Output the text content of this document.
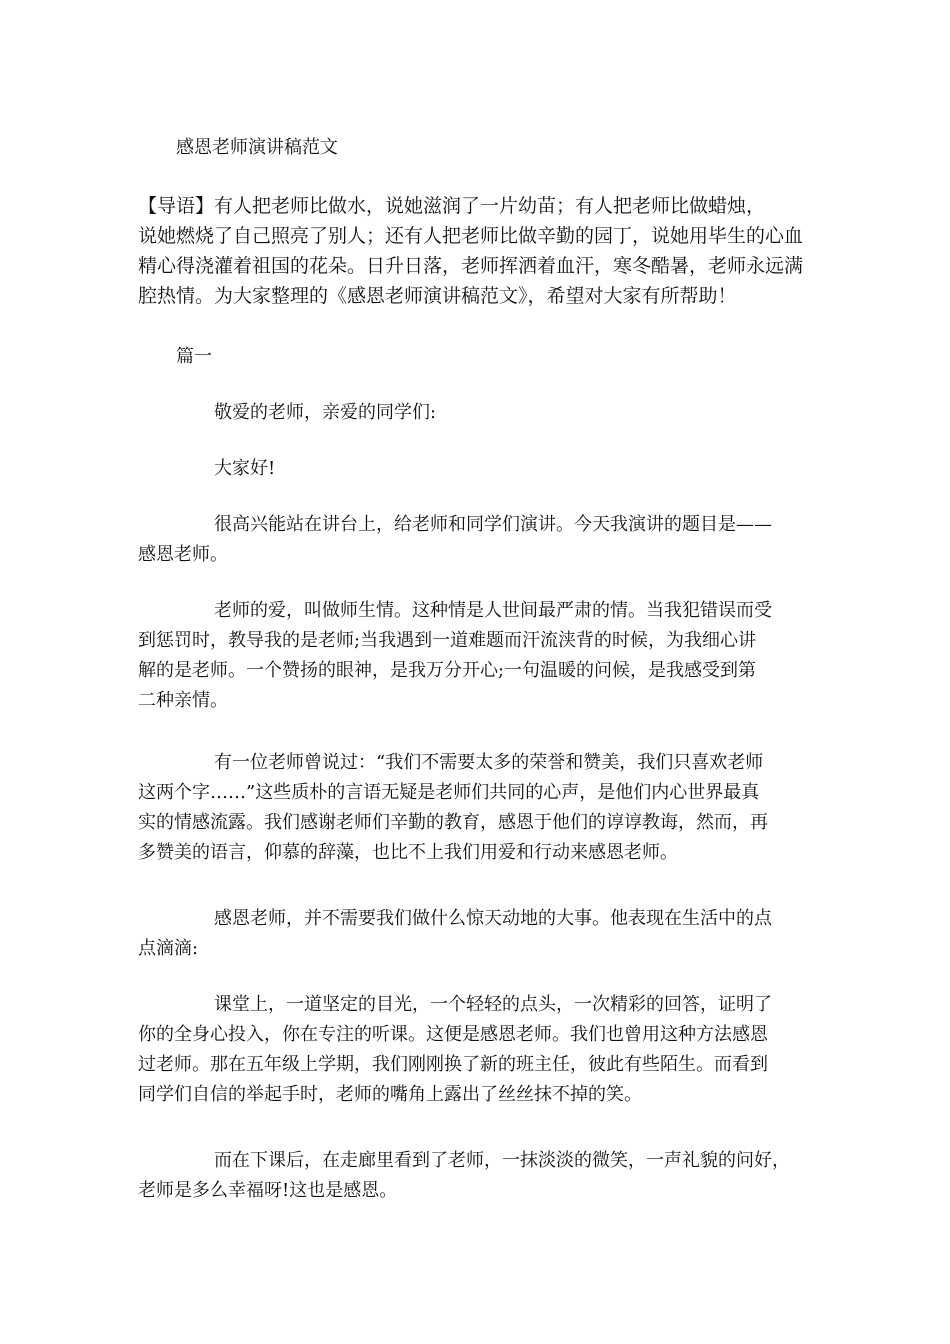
感恩老师演讲稿范文
【导语】有人把老师比做水，说她滋润了一片幼苗；有人把老师比做蜡烛，
说她燃烧了自己照亮了别人；还有人把老师比做辛勤的园丁，说她用毕生的心血
精心得浇灌着祖国的花朵。日升日落，老师挥洒着血汗，寒冬酷暑，老师永远满
腔热情。为大家整理的《感恩老师演讲稿范文》，希望对大家有所帮助！
篇一
敬爱的老师，亲爱的同学们:
大家好!
很高兴能站在讲台上，给老师和同学们演讲。今天我演讲的题目是——
感恩老师。
老师的爱，叫做师生情。这种情是人世间最严肃的情。当我犯错误而受
到惩罚时，教导我的是老师;当我遇到一道难题而汗流浃背的时候，为我细心讲
解的是老师。一个赞扬的眼神，是我万分开心;一句温暖的问候，是我感受到第
二种亲情。
有一位老师曾说过：“我们不需要太多的荣誉和赞美，我们只喜欢老师
这两个字……”这些质朴的言语无疑是老师们共同的心声，是他们内心世界最真
实的情感流露。我们感谢老师们辛勤的教育，感恩于他们的谆谆教诲，然而，再
多赞美的语言，仰慕的辞藻，也比不上我们用爱和行动来感恩老师。
感恩老师，并不需要我们做什么惊天动地的大事。他表现在生活中的点
点滴滴:
课堂上，一道坚定的目光，一个轻轻的点头，一次精彩的回答，证明了
你的全身心投入，你在专注的听课。这便是感恩老师。我们也曾用这种方法感恩
过老师。那在五年级上学期，我们刚刚换了新的班主任，彼此有些陌生。而看到
同学们自信的举起手时，老师的嘴角上露出了丝丝抹不掉的笑。
而在下课后，在走廊里看到了老师，一抹淡淡的微笑，一声礼貌的问好，
老师是多么幸福呀!这也是感恩。
